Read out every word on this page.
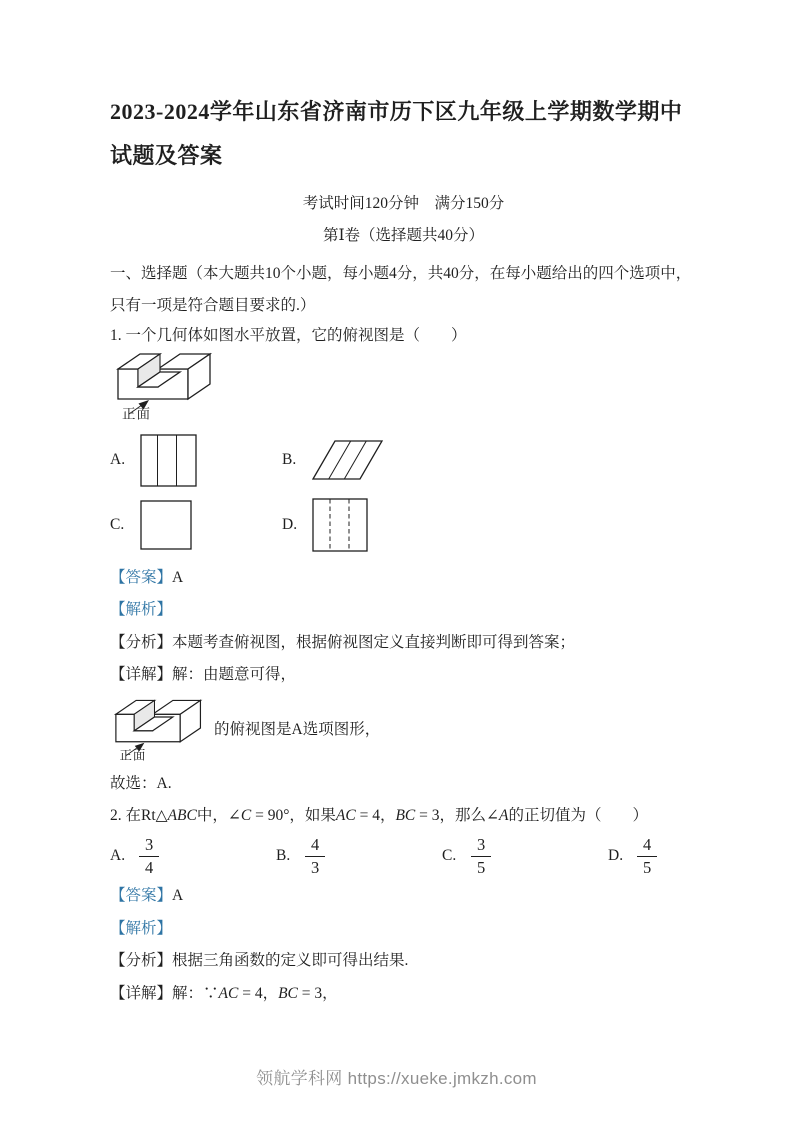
2023-2024学年山东省济南市历下区九年级上学期数学期中
试题及答案

考试时间120分钟　满分150分

第Ⅰ卷（选择题共40分）

一、选择题（本大题共10个小题，每小题4分，共40分，在每小题给出的四个选项中，只有一项是符合题目要求的.）

1. 一个几何体如图水平放置，它的俯视图是（　　）

正面
A.	B.
C.	D.

【答案】A

【解析】

【分析】本题考查俯视图，根据俯视图定义直接判断即可得到答案；

【详解】解：由题意可得，

正面
的俯视图是A选项图形，

故选：A.

2. 在Rt△ABC中，∠C = 90°，如果AC = 4，BC = 3，那么∠A的正切值为（　　）

A. $\frac{3}{4}$	B. $\frac{4}{3}$	C. $\frac{3}{5}$	D. $\frac{4}{5}$

【答案】A

【解析】

【分析】根据三角函数的定义即可得出结果.

【详解】解：∵AC = 4，BC = 3，

领航学科网 https://xueke.jmkzh.com
